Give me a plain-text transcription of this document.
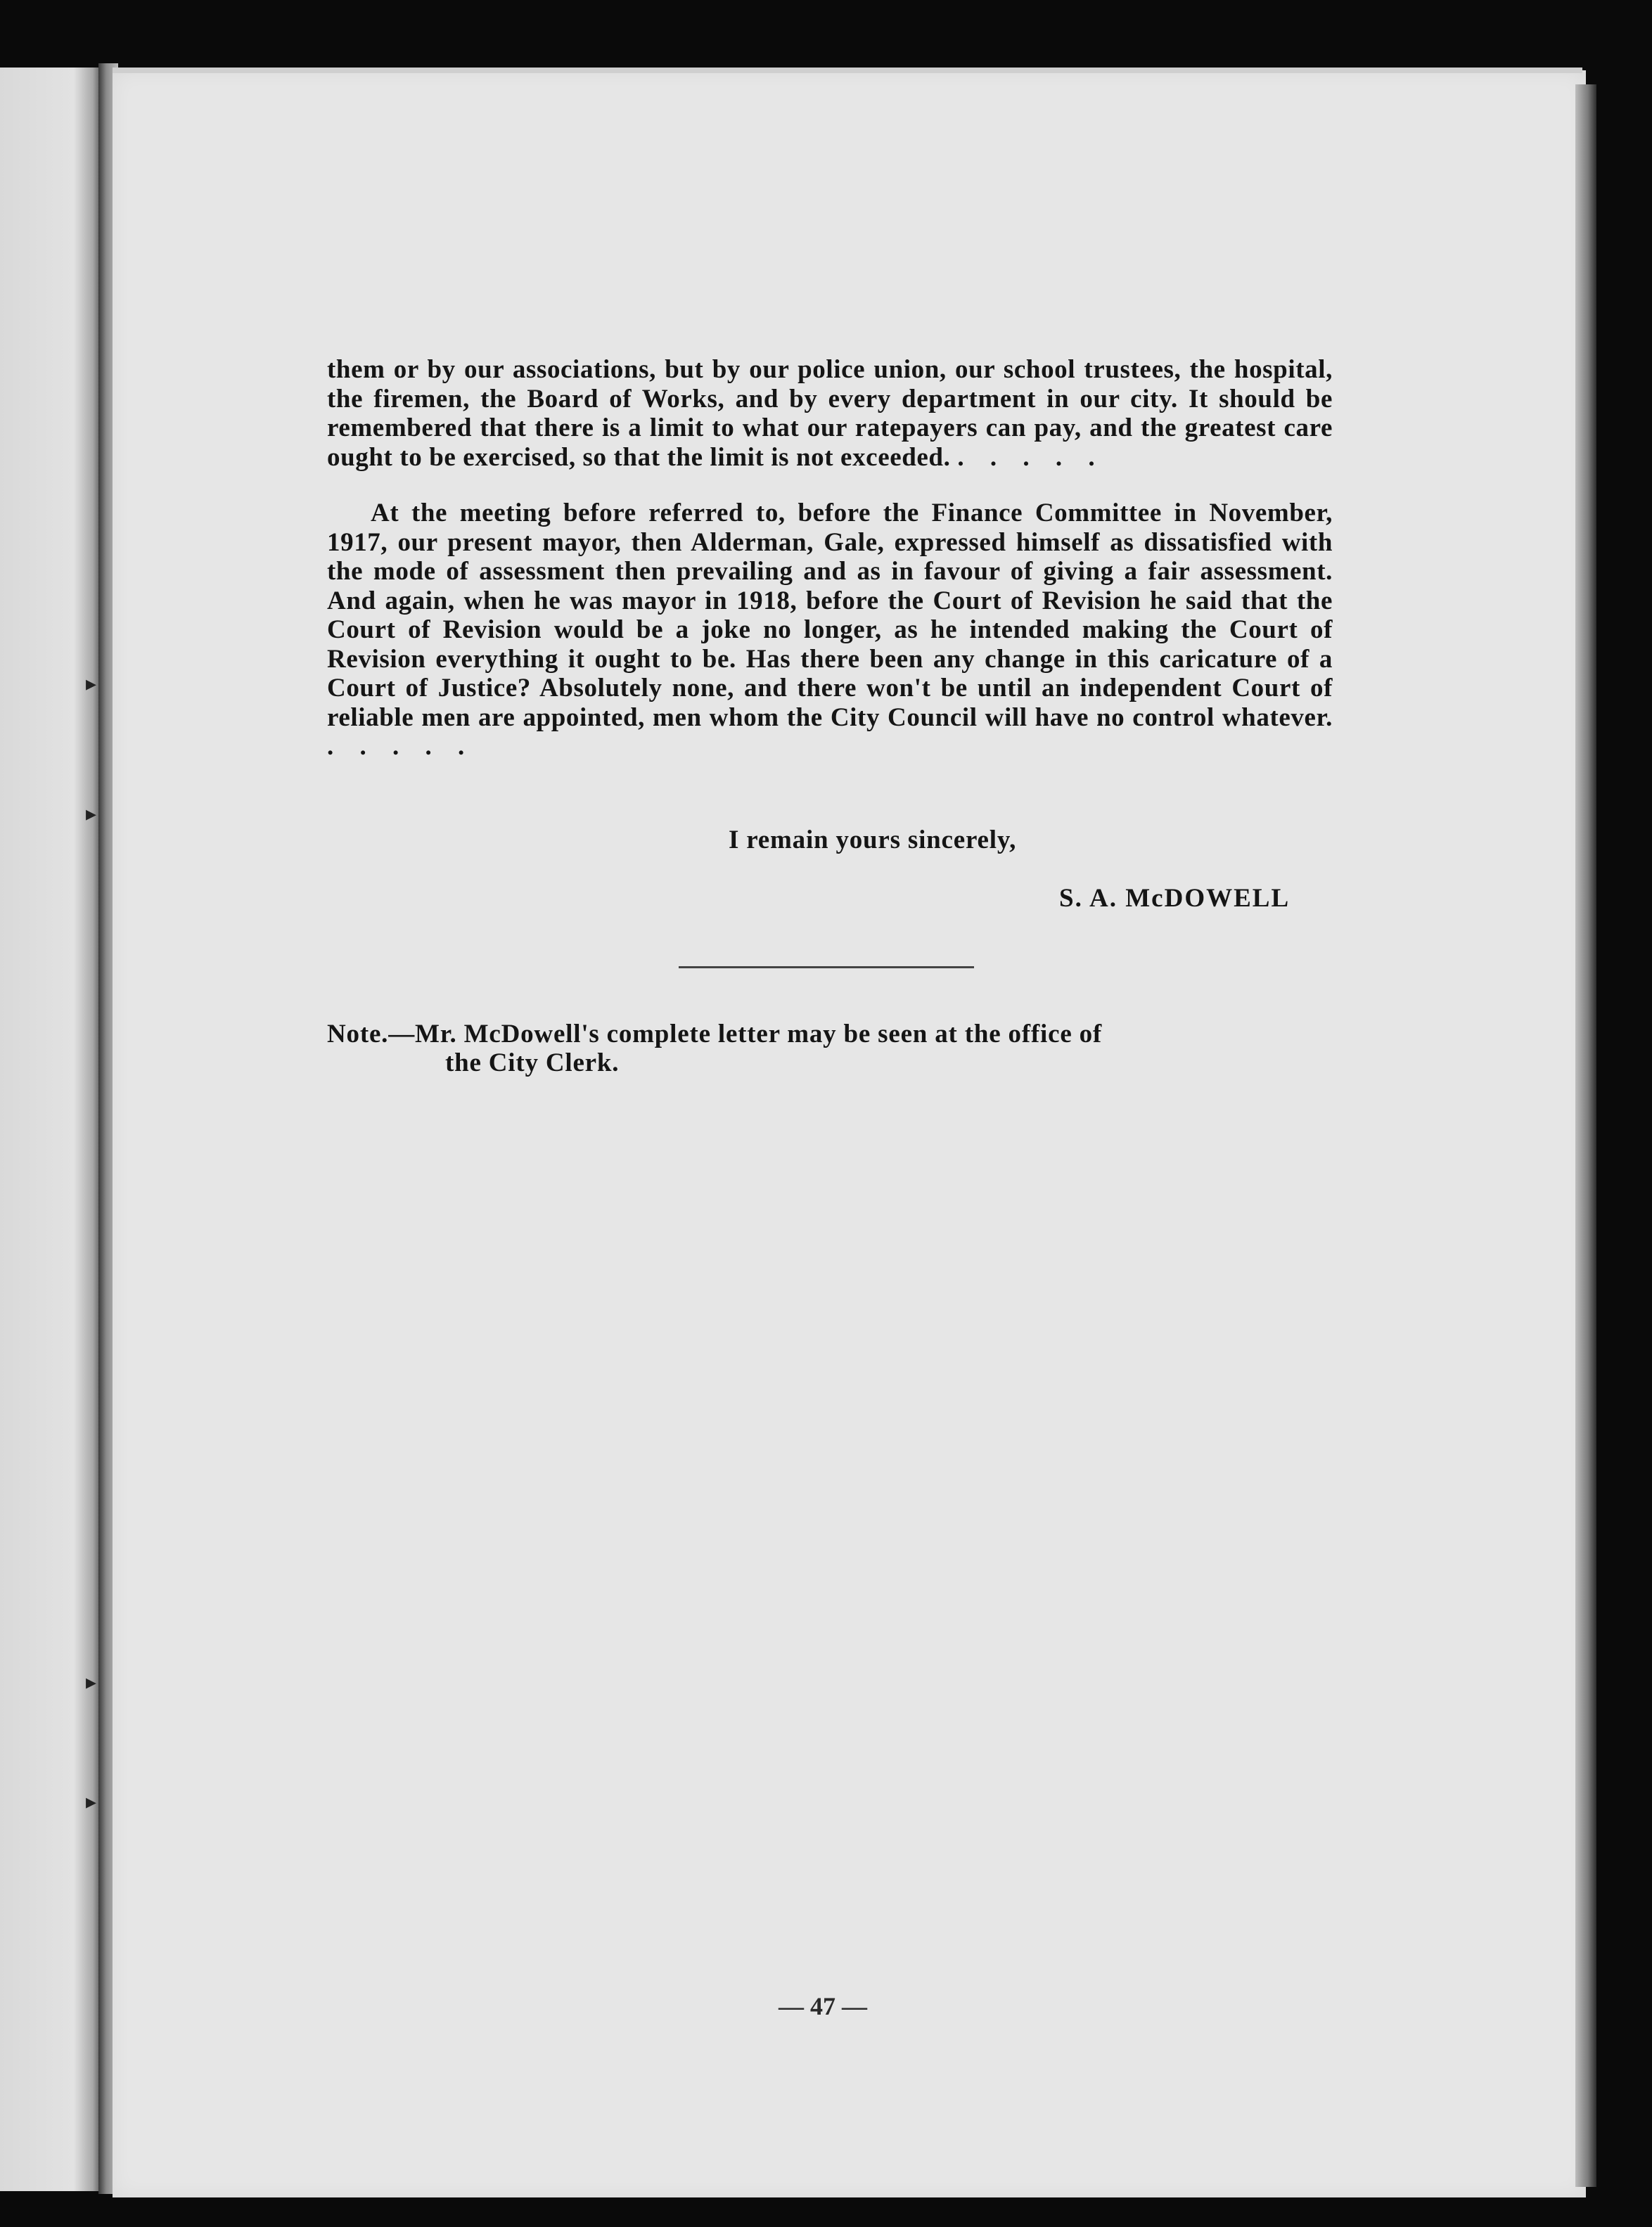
▸
▸
▸
▸

them or by our associations, but by our police union, our school trustees, the hospital, the firemen, the Board of Works, and by every department in our city. It should be remembered that there is a limit to what our ratepayers can pay, and the greatest care ought to be exercised, so that the limit is not exceeded. . . . . .

At the meeting before referred to, before the Finance Committee in November, 1917, our present mayor, then Alderman, Gale, expressed himself as dissatisfied with the mode of assessment then prevailing and as in favour of giving a fair assessment. And again, when he was mayor in 1918, before the Court of Revision he said that the Court of Revision would be a joke no longer, as he intended making the Court of Revision everything it ought to be. Has there been any change in this caricature of a Court of Justice? Absolutely none, and there won't be until an independent Court of reliable men are appointed, men whom the City Council will have no control whatever. . . . . .

I remain yours sincerely,
S. A. McDOWELL
Note.—Mr. McDowell's complete letter may be seen at the office of
the City Clerk.
— 47 —
